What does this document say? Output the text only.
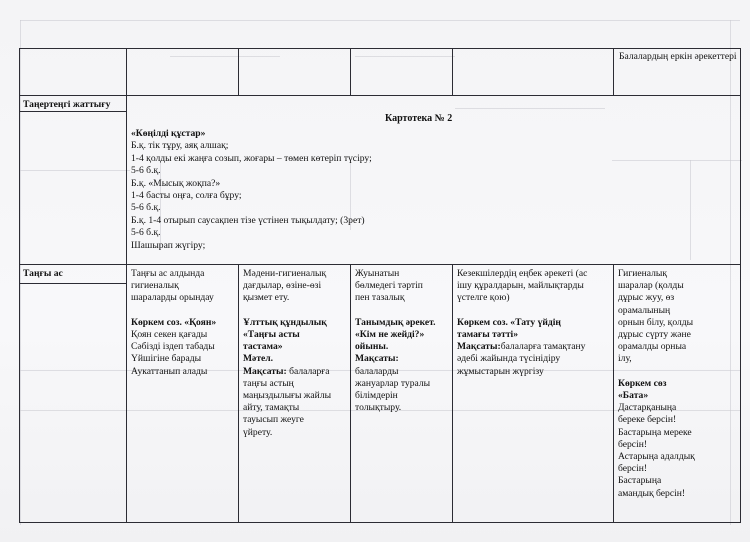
Балалардың еркін әрекеттері
Таңертеңгі жаттығу
Картотека № 2
«Көңілді құстар»
Б.қ. тік тұру, аяқ алшақ;
1-4 қолды екі жаңға созып, жоғары – төмен көтеріп түсіру;
5-6 б.қ.
Б.қ. «Мысық жоқпа?»
1-4 басты оңға, солға бұру;
5-6 б.қ.
Б.қ. 1-4 отырып саусақпен тізе үстінен тықылдату; (3рет)
5-6 б.қ.
Шашырап жүгіру;
Таңғы ас	Таңғы ас алдында
гигиеналық
шараларды орындау

Көркем соз. «Қоян»
Қоян секен қағады
Сәбізді іздеп табады
Үйшігіне барады
Аукаттанып алады
Мәдени-гигиеналық
дағдылар, өзіне-өзі
қызмет ету.

Ұлттық құндылық
«Таңғы асты
тастама»
Мәтел.
Мақсаты: балаларға
таңғы астың
маңыздылығы жайлы
айту, тамақты
тауысып жеуге
үйрету.
Жуынатын
бөлмедегі тәртіп
пен тазалық

Танымдық әрекет.
«Кім не жейді?»
ойыны.
Мақсаты:
балаларды
жануарлар туралы
білімдерін
толықтыру.
Кезекшілердің еңбек әрекеті (ас
ішу құралдарын, майлықтарды
үстелге қою)

Көркем соз. «Тату үйдің
тамағы тәтті»
Мақсаты:балаларға тамақтану
әдебі жайында түсінідіру
жұмыстарын жүргізу
Гигиеналық
шаралар (қолды
дұрыс жуу, өз
орамалының
орнын білу, қолды
дұрыс сүрту және
орамалды орныа
ілу,

Көркем сөз
«Бата»
Дастарқаныңа
береке берсін!
Бастарыңа мереке
берсін!
Астарыңа адалдық
берсін!
Бастарыңа
амандық берсін!
